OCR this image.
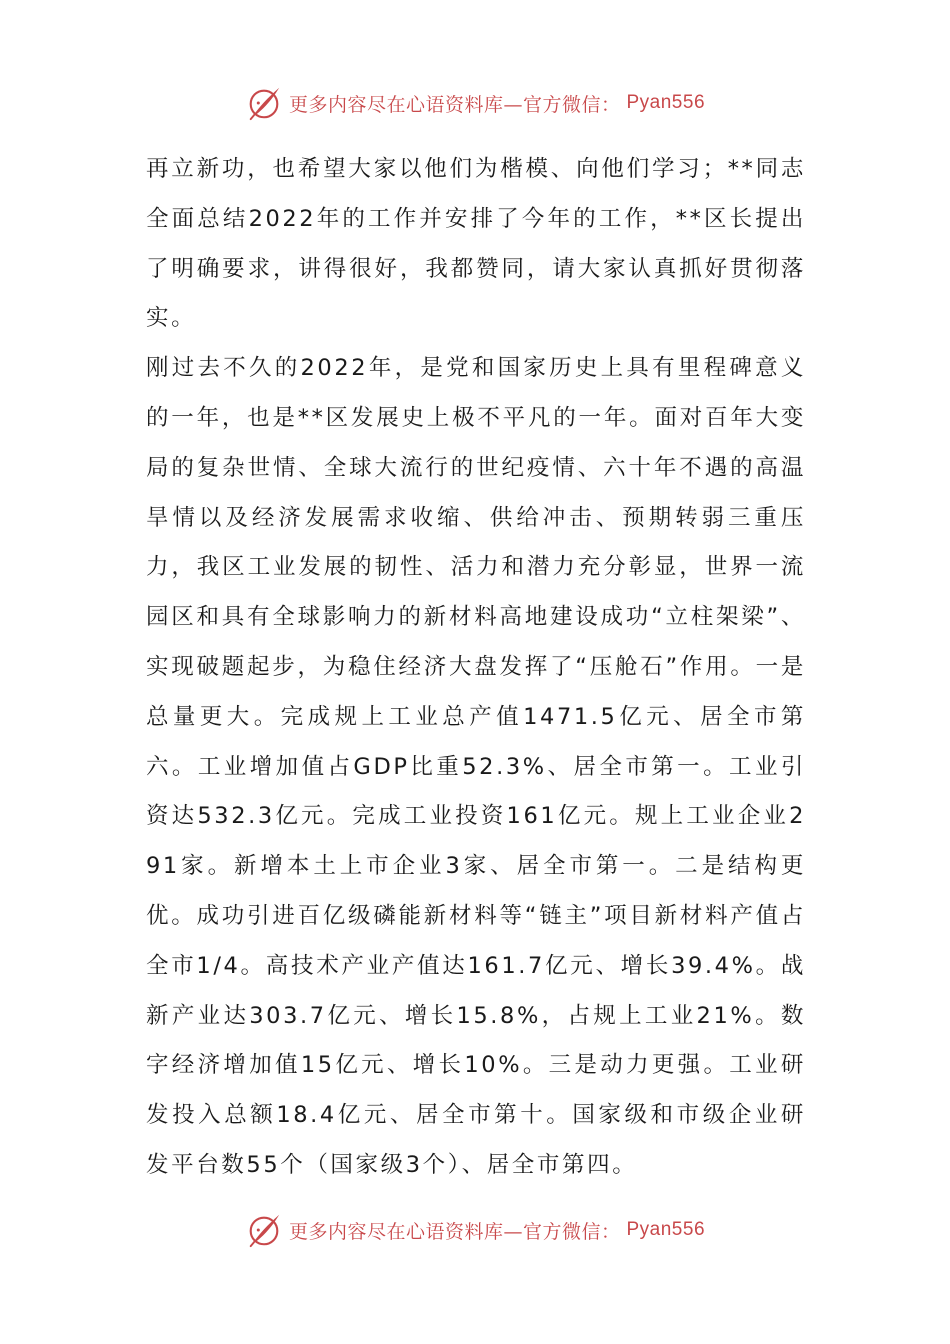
更多内容尽在心语资料库—官方微信： Pyan556

再立新功，也希望大家以他们为楷模、向他们学习；**同志全面总结2022年的工作并安排了今年的工作，**区长提出了明确要求，讲得很好，我都赞同，请大家认真抓好贯彻落实。

刚过去不久的2022年，是党和国家历史上具有里程碑意义的一年，也是**区发展史上极不平凡的一年。面对百年大变局的复杂世情、全球大流行的世纪疫情、六十年不遇的高温旱情以及经济发展需求收缩、供给冲击、预期转弱三重压力，我区工业发展的韧性、活力和潜力充分彰显，世界一流园区和具有全球影响力的新材料高地建设成功“立柱架梁”、实现破题起步，为稳住经济大盘发挥了“压舱石”作用。一是总量更大。完成规上工业总产值1471.5亿元、居全市第六。工业增加值占GDP比重52.3%、居全市第一。工业引资达532.3亿元。完成工业投资161亿元。规上工业企业291家。新增本土上市企业3家、居全市第一。二是结构更优。成功引进百亿级磷能新材料等“链主”项目新材料产值占全市1/4。高技术产业产值达161.7亿元、增长39.4%。战新产业达303.7亿元、增长15.8%，占规上工业21%。数字经济增加值15亿元、增长10%。三是动力更强。工业研发投入总额18.4亿元、居全市第十。国家级和市级企业研发平台数55个（国家级3个）、居全市第四。

更多内容尽在心语资料库—官方微信： Pyan556
